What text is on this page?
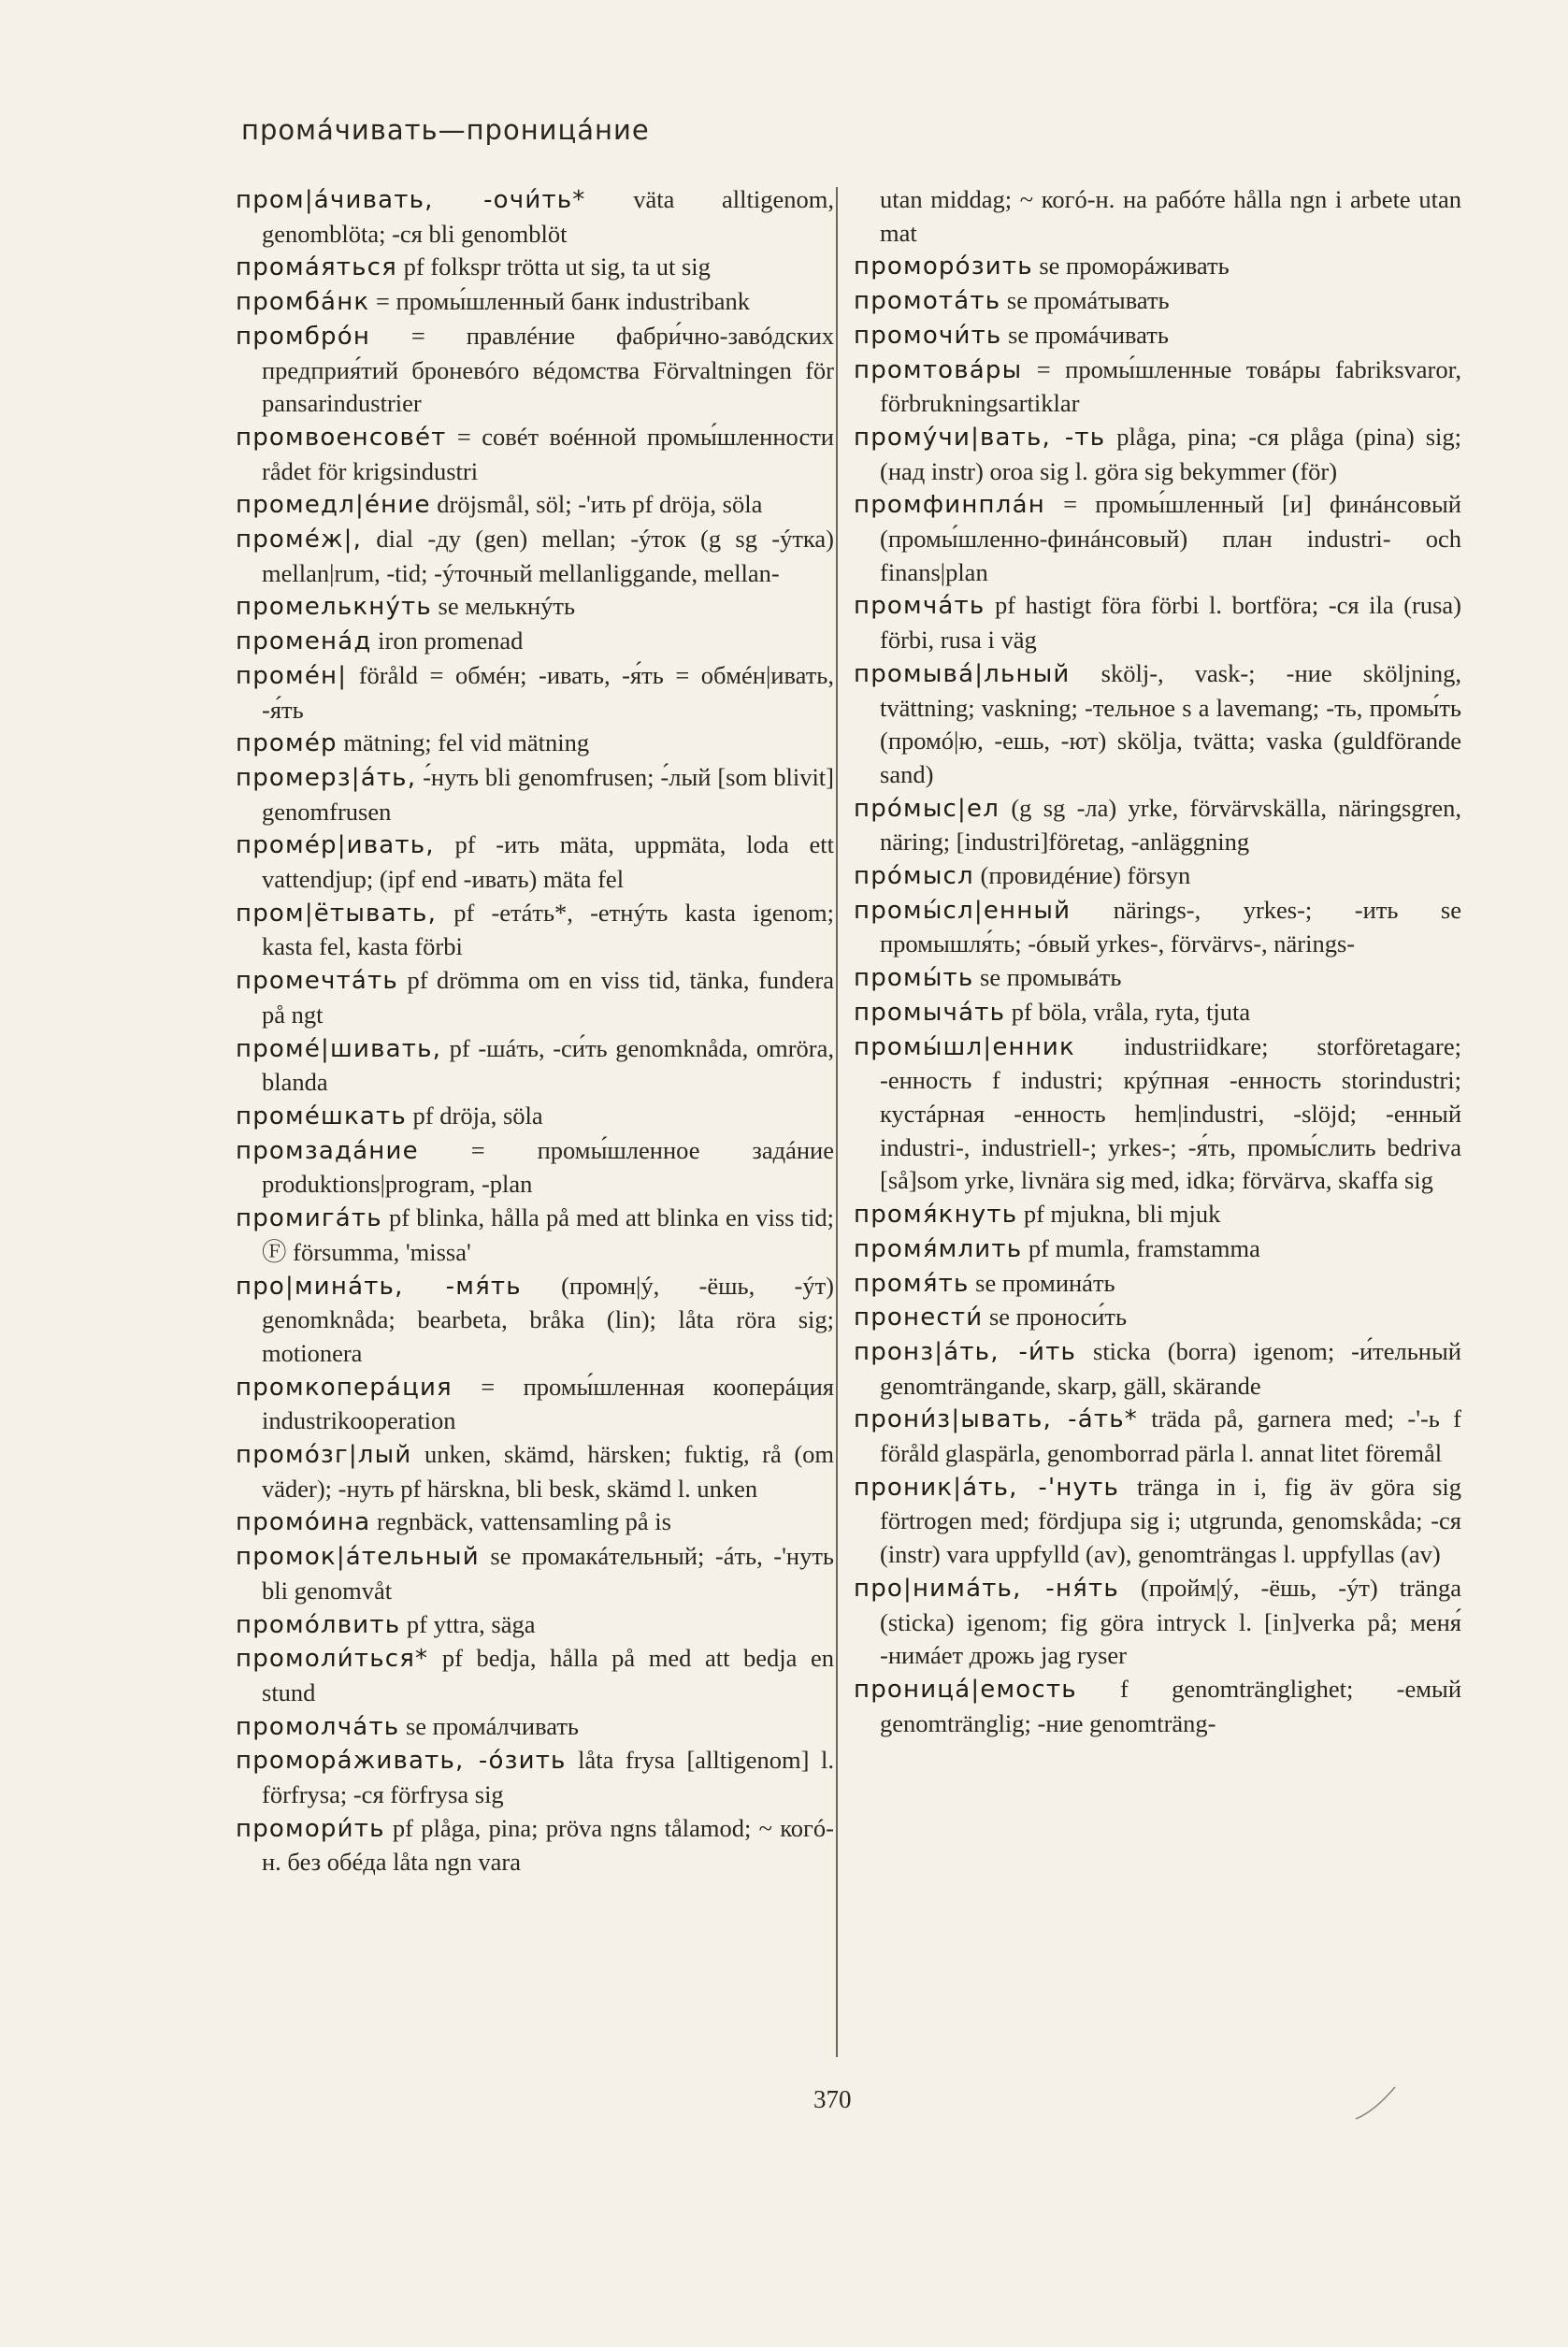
промáчивать—проницáние

пром|áчивать, -очи́ть* väta alltigenom, genomblöta; -ся bli genomblöt

промáяться pf folkspr trötta ut sig, ta ut sig

промбáнк = промы́шленный банк industribank

промбрóн = правлéние фабри́чно-завóдских предприя́тий броневóго вéдомства Förvaltningen för pansarindustrier

промвоенсовéт = совéт воéнной промы́шленности rådet för krigsindustri

промедл|éние dröjsmål, söl; -'ить pf dröja, söla

промéж|, dial -ду (gen) mellan; -ýток (g sg -ýтка) mellan|rum, -tid; -ýточный mellanliggande, mellan-

промелькнýть se мелькнýть

променáд iron promenad

промéн| föråld = обмéн; -ивать, -я́ть = обмéн|ивать, -я́ть

промéр mätning; fel vid mätning

промерз|áть, -́нуть bli genomfrusen; -́лый [som blivit] genomfrusen

промéр|ивать, pf -ить mäta, uppmäta, loda ett vattendjup; (ipf end -ивать) mäta fel

пром|ётывать, pf -етáть*, -етнýть kasta igenom; kasta fel, kasta förbi

промечтáть pf drömma om en viss tid, tänka, fundera på ngt

промé|шивать, pf -шáть, -си́ть genomknåda, omröra, blanda

промéшкать pf dröja, söla

промзадáние = промы́шленное задáние produktions|program, -plan

промигáть pf blinka, hålla på med att blinka en viss tid; Ⓕ försumma, 'missa'

про|минáть, -мя́ть (промн|ý, -ёшь, -ýт) genomknåda; bearbeta, bråka (lin); låta röra sig; motionera

промкоперáция = промы́шленная кооперáция industrikooperation

промóзг|лый unken, skämd, härsken; fuktig, rå (om väder); -нуть pf härskna, bli besk, skämd l. unken

промóина regnbäck, vattensamling på is

промок|áтельный se промакáтельный; -áть, -'нуть bli genomvåt

промóлвить pf yttra, säga

промоли́ться* pf bedja, hålla på med att bedja en stund

промолчáть se промáлчивать

проморáживать, -óзить låta frysa [alltigenom] l. förfrysa; -ся förfrysa sig

промори́ть pf plåga, pina; pröva ngns tålamod; ~ когó-н. без обéда låta ngn vara

utan middag; ~ когó-н. на рабóте hålla ngn i arbete utan mat

проморóзить se проморáживать

промотáть se промáтывать

промочи́ть se промáчивать

промтовáры = промы́шленные товáры fabriksvaror, förbrukningsartiklar

промýчи|вать, -ть plåga, pina; -ся plåga (pina) sig; (над instr) oroa sig l. göra sig bekymmer (för)

промфинплáн = промы́шленный [и] финáнсовый (промы́шленно-финáнсовый) план industri- och finans|plan

промчáть pf hastigt föra förbi l. bortföra; -ся ila (rusa) förbi, rusa i väg

промывá|льный skölj-, vask-; -ние sköljning, tvättning; vaskning; -тельное s a lavemang; -ть, промы́ть (промó|ю, -ешь, -ют) skölja, tvätta; vaska (guldförande sand)

прóмыс|ел (g sg -ла) yrke, förvärvskälla, näringsgren, näring; [industri]företag, -anläggning

прóмысл (провидéние) försyn

промы́сл|енный närings-, yrkes-; -ить se промышля́ть; -óвый yrkes-, förvärvs-, närings-

промы́ть se промывáть

промычáть pf böla, vråla, ryta, tjuta

промы́шл|енник industriidkare; storföretagare; -енность f industri; крýпная -енность storindustri; кустáрная -енность hem|industri, -slöjd; -енный industri-, industriell-; yrkes-; -я́ть, промы́слить bedriva [så]som yrke, livnära sig med, idka; förvärva, skaffa sig

промя́кнуть pf mjukna, bli mjuk

промя́млить pf mumla, framstamma

промя́ть se проминáть

пронести́ se проноси́ть

пронз|áть, -и́ть sticka (borra) igenom; -и́тельный genomträngande, skarp, gäll, skärande

прони́з|ывать, -áть* träda på, garnera med; -'-ь f föråld glaspärla, genomborrad pärla l. annat litet föremål

проник|áть, -'нуть tränga in i, fig äv göra sig förtrogen med; fördjupa sig i; utgrunda, genomskåda; -ся (instr) vara uppfylld (av), genomträngas l. uppfyllas (av)

про|нимáть, -ня́ть (пройм|ý, -ёшь, -ýт) tränga (sticka) igenom; fig göra intryck l. [in]verka på; меня́ -нимáет дрожь jag ryser

проницá|емость f genomtränglighet; -емый genomtränglig; -ние genomträng-

370
